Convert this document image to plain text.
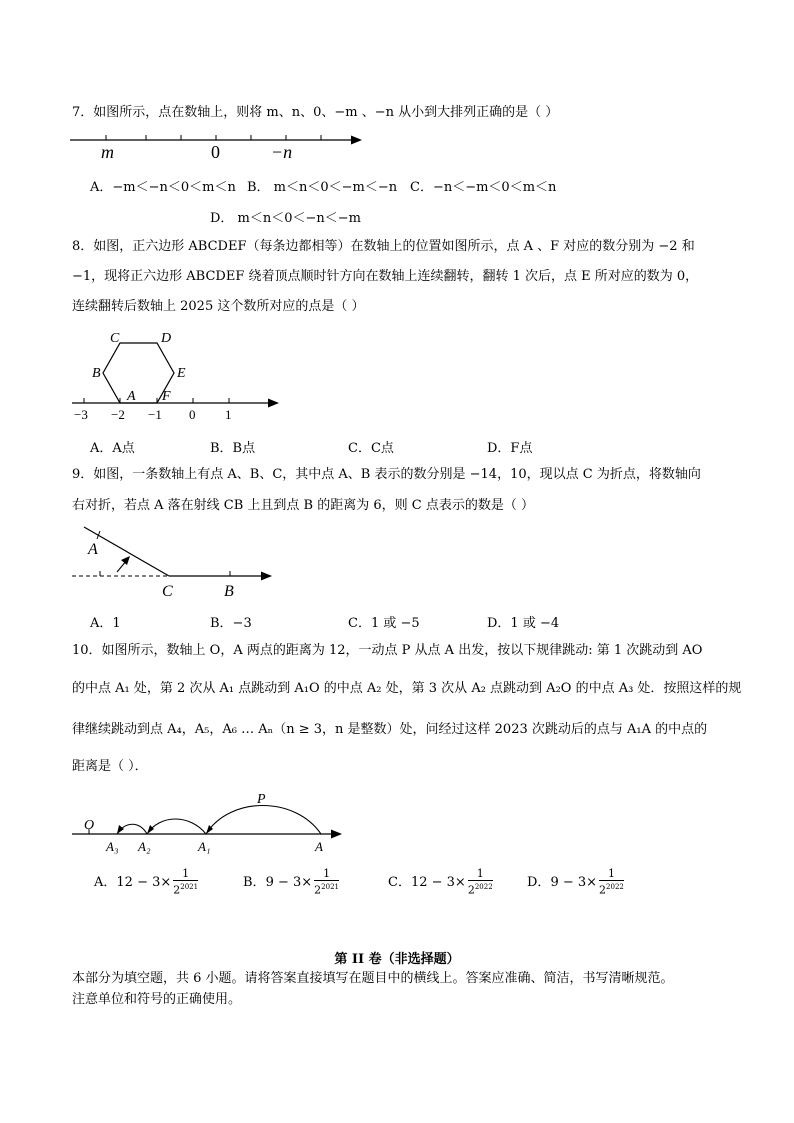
7．如图所示，点在数轴上，则将 m、n、0、−m 、−n 从小到大排列正确的是（ ）
m	0	−n
A．−m＜−n＜0＜m＜n B． m＜n＜0＜−m＜−n C．−n＜−m＜0＜m＜n
D． m＜n＜0＜−n＜−m
8．如图，正六边形 ABCDEF（每条边都相等）在数轴上的位置如图所示，点 A 、F 对应的数分别为 −2 和
−1，现将正六边形 ABCDEF 绕着顶点顺时针方向在数轴上连续翻转，翻转 1 次后，点 E 所对应的数为 0，
连续翻转后数轴上 2025 这个数所对应的点是（ ）
C	D
B	E
A F
−3 −2 −1 0 1
A．A点	B．B点	C．C点	D．F点
9．如图，一条数轴上有点 A、B、C，其中点 A、B 表示的数分别是 −14，10，现以点 C 为折点，将数轴向
右对折，若点 A 落在射线 CB 上且到点 B 的距离为 6，则 C 点表示的数是（ ）
A
C	B
A．1	B．−3	C．1 或 −5	D．1 或 −4
10．如图所示，数轴上 O，A 两点的距离为 12，一动点 P 从点 A 出发，按以下规律跳动: 第 1 次跳动到 AO
的中点 A₁ 处，第 2 次从 A₁ 点跳动到 A₁O 的中点 A₂ 处，第 3 次从 A₂ 点跳动到 A₂O 的中点 A₃ 处．按照这样的规
律继续跳动到点 A₄，A₅，A₆ … Aₙ（n ≥ 3，n 是整数）处，问经过这样 2023 次跳动后的点与 A₁A 的中点的
距离是（ ）．
O
P
A₃ A₂	A₁	A
A．$12 - 3\times \frac{1}{2^{2021}}$	B．$9 - 3\times \frac{1}{2^{2021}}$	C．$12 - 3\times \frac{1}{2^{2022}}$	D．$9 - 3\times \frac{1}{2^{2022}}$
第 II 卷（非选择题）
本部分为填空题，共 6 小题。请将答案直接填写在题目中的横线上。答案应准确、简洁，书写清晰规范。
注意单位和符号的正确使用。
